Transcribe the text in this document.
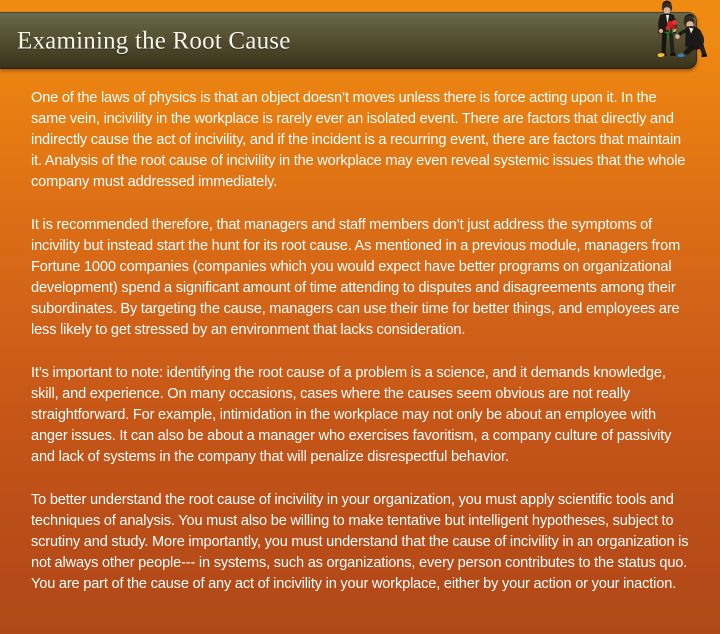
Examining the Root Cause

One of the laws of physics is that an object doesn’t moves unless there is force acting upon it. In the same vein, incivility in the workplace is rarely ever an isolated event. There are factors that directly and indirectly cause the act of incivility, and if the incident is a recurring event, there are factors that maintain it. Analysis of the root cause of incivility in the workplace may even reveal systemic issues that the whole company must addressed immediately.

It is recommended therefore, that managers and staff members don’t just address the symptoms of incivility but instead start the hunt for its root cause. As mentioned in a previous module, managers from Fortune 1000 companies (companies which you would expect have better programs on organizational development) spend a significant amount of time attending to disputes and disagreements among their subordinates. By targeting the cause, managers can use their time for better things, and employees are less likely to get stressed by an environment that lacks consideration.

It’s important to note: identifying the root cause of a problem is a science, and it demands knowledge, skill, and experience. On many occasions, cases where the causes seem obvious are not really straightforward. For example, intimidation in the workplace may not only be about an employee with anger issues. It can also be about a manager who exercises favoritism, a company culture of passivity and lack of systems in the company that will penalize disrespectful behavior.

To better understand the root cause of incivility in your organization, you must apply scientific tools and techniques of analysis. You must also be willing to make tentative but intelligent hypotheses, subject to scrutiny and study. More importantly, you must understand that the cause of incivility in an organization is not always other people--- in systems, such as organizations, every person contributes to the status quo. You are part of the cause of any act of incivility in your workplace, either by your action or your inaction.
